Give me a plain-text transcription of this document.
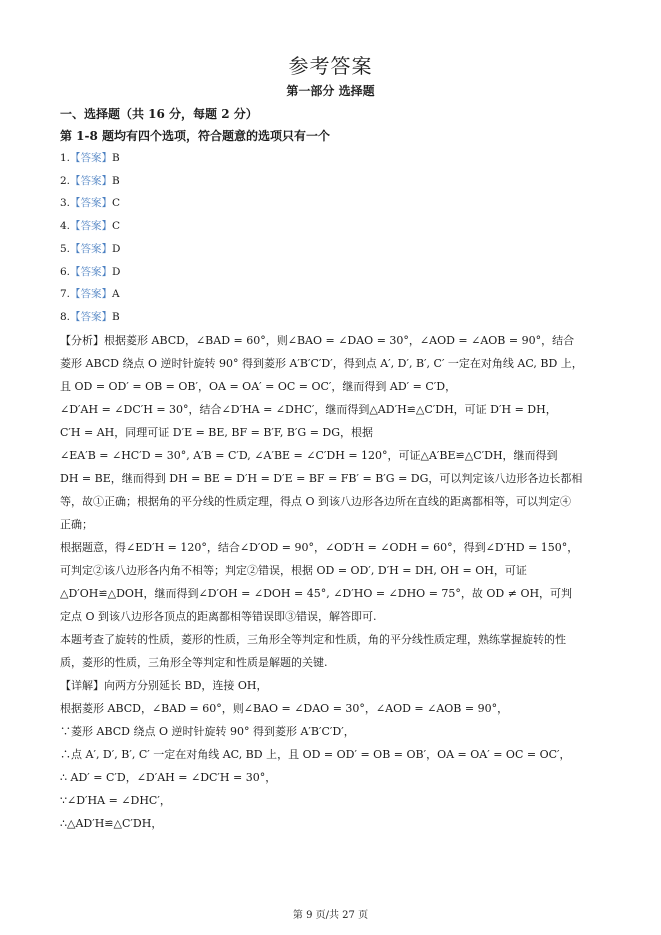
参考答案
第一部分 选择题
一、选择题（共 16 分，每题 2 分）
第 1-8 题均有四个选项，符合题意的选项只有一个
1.【答案】B
2.【答案】B
3.【答案】C
4.【答案】C
5.【答案】D
6.【答案】D
7.【答案】A
8.【答案】B
【分析】根据菱形 ABCD，∠BAD = 60°，则∠BAO = ∠DAO = 30°，∠AOD = ∠AOB = 90°，结合
菱形 ABCD 绕点 O 逆时针旋转 90° 得到菱形 A′B′C′D′，得到点 A′, D′, B′, C′ 一定在对角线 AC, BD 上，
且 OD = OD′ = OB = OB′，OA = OA′ = OC = OC′，继而得到 AD′ = C′D，
∠D′AH = ∠DC′H = 30°，结合∠D′HA = ∠DHC′，继而得到△AD′H≌△C′DH，可证 D′H = DH，
C′H = AH，同理可证 D′E = BE, BF = B′F, B′G = DG，根据
∠EA′B = ∠HC′D = 30°, A′B = C′D, ∠A′BE = ∠C′DH = 120°，可证△A′BE≌△C′DH，继而得到
DH = BE，继而得到 DH = BE = D′H = D′E = BF = FB′ = B′G = DG，可以判定该八边形各边长都相
等，故①正确；根据角的平分线的性质定理，得点 O 到该八边形各边所在直线的距离都相等，可以判定④
正确；
根据题意，得∠ED′H = 120°，结合∠D′OD = 90°，∠OD′H = ∠ODH = 60°，得到∠D′HD = 150°，
可判定②该八边形各内角不相等；判定②错误，根据 OD = OD′, D′H = DH, OH = OH，可证
△D′OH≌△DOH，继而得到∠D′OH = ∠DOH = 45°, ∠D′HO = ∠DHO = 75°，故 OD ≠ OH，可判
定点 O 到该八边形各顶点的距离都相等错误即③错误，解答即可.
本题考查了旋转的性质，菱形的性质，三角形全等判定和性质，角的平分线性质定理，熟练掌握旋转的性
质，菱形的性质，三角形全等判定和性质是解题的关键.
【详解】向两方分别延长 BD，连接 OH，
根据菱形 ABCD，∠BAD = 60°，则∠BAO = ∠DAO = 30°，∠AOD = ∠AOB = 90°，
∵菱形 ABCD 绕点 O 逆时针旋转 90° 得到菱形 A′B′C′D′，
∴点 A′, D′, B′, C′ 一定在对角线 AC, BD 上，且 OD = OD′ = OB = OB′，OA = OA′ = OC = OC′，
∴ AD′ = C′D，∠D′AH = ∠DC′H = 30°，
∵∠D′HA = ∠DHC′，
∴△AD′H≌△C′DH，
第 9 页/共 27 页
